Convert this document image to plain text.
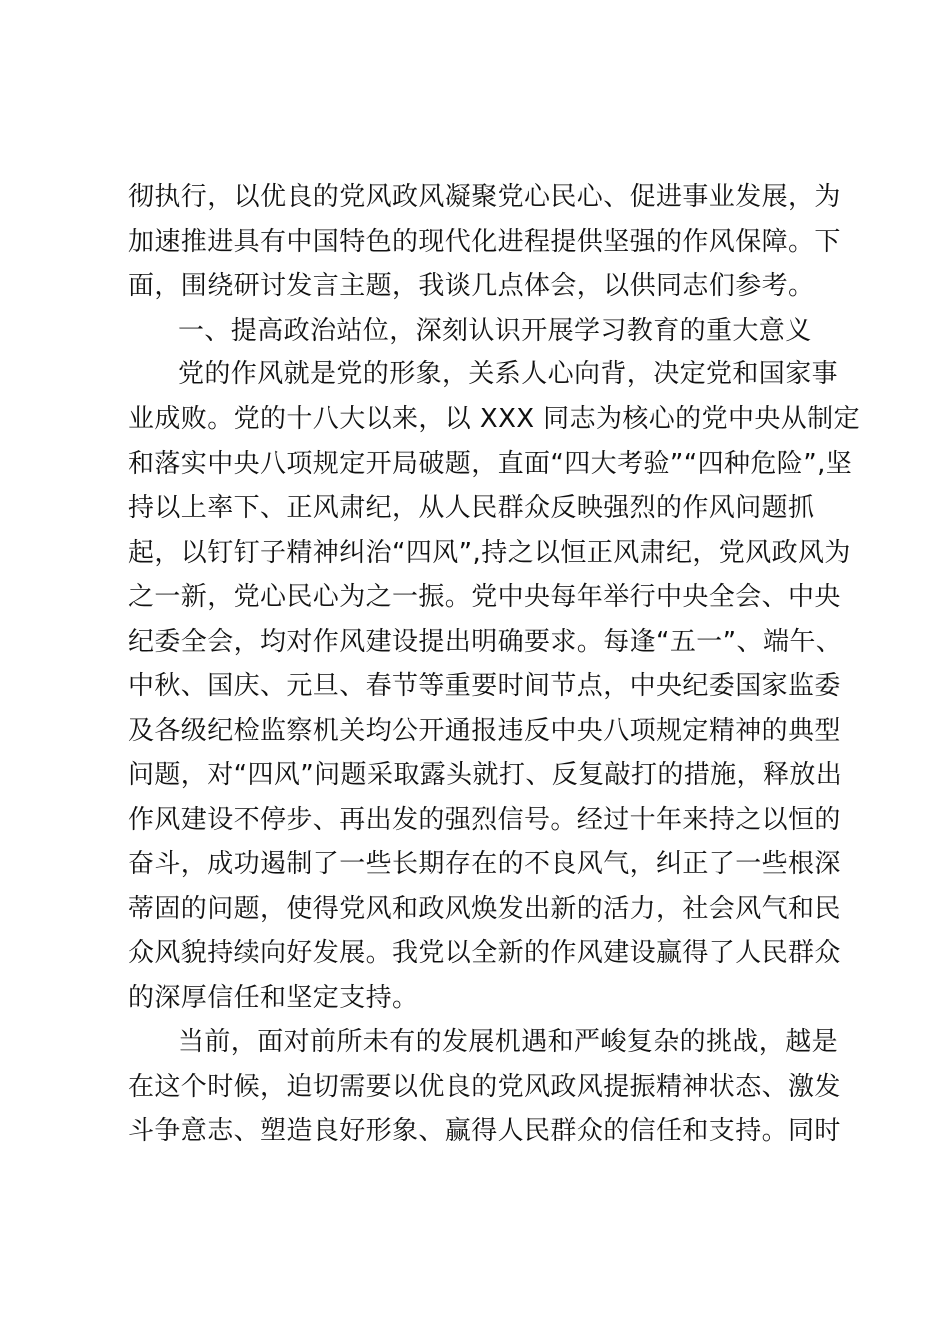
彻执行，以优良的党风政风凝聚党心民心、促进事业发展，为
加速推进具有中国特色的现代化进程提供坚强的作风保障。下
面，围绕研讨发言主题，我谈几点体会，以供同志们参考。
一、提高政治站位，深刻认识开展学习教育的重大意义
党的作风就是党的形象，关系人心向背，决定党和国家事
业成败。党的十八大以来，以 XXX 同志为核心的党中央从制定
和落实中央八项规定开局破题，直面“四大考验”“四种危险”,坚
持以上率下、正风肃纪，从人民群众反映强烈的作风问题抓
起，以钉钉子精神纠治“四风”,持之以恒正风肃纪，党风政风为
之一新，党心民心为之一振。党中央每年举行中央全会、中央
纪委全会，均对作风建设提出明确要求。每逢“五一”、端午、
中秋、国庆、元旦、春节等重要时间节点，中央纪委国家监委
及各级纪检监察机关均公开通报违反中央八项规定精神的典型
问题，对“四风”问题采取露头就打、反复敲打的措施，释放出
作风建设不停步、再出发的强烈信号。经过十年来持之以恒的
奋斗，成功遏制了一些长期存在的不良风气，纠正了一些根深
蒂固的问题，使得党风和政风焕发出新的活力，社会风气和民
众风貌持续向好发展。我党以全新的作风建设赢得了人民群众
的深厚信任和坚定支持。
当前，面对前所未有的发展机遇和严峻复杂的挑战，越是
在这个时候，迫切需要以优良的党风政风提振精神状态、激发
斗争意志、塑造良好形象、赢得人民群众的信任和支持。同时
